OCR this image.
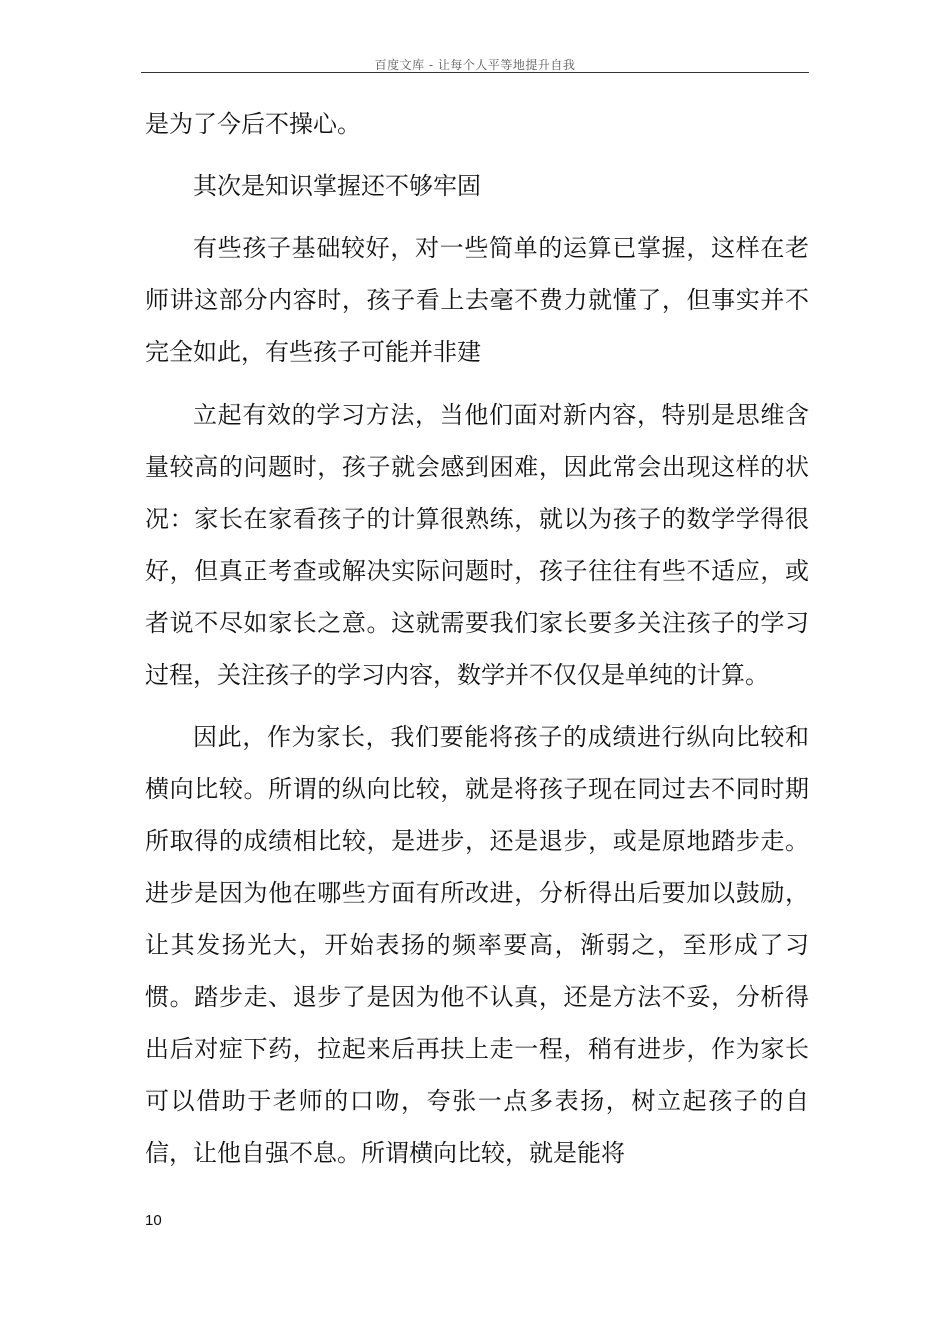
百度文库 - 让每个人平等地提升自我

是为了今后不操心。

其次是知识掌握还不够牢固

有些孩子基础较好，对一些简单的运算已掌握，这样在老师讲这部分内容时，孩子看上去毫不费力就懂了，但事实并不完全如此，有些孩子可能并非建

立起有效的学习方法，当他们面对新内容，特别是思维含量较高的问题时，孩子就会感到困难，因此常会出现这样的状况：家长在家看孩子的计算很熟练，就以为孩子的数学学得很好，但真正考查或解决实际问题时，孩子往往有些不适应，或者说不尽如家长之意。这就需要我们家长要多关注孩子的学习过程，关注孩子的学习内容，数学并不仅仅是单纯的计算。

因此，作为家长，我们要能将孩子的成绩进行纵向比较和横向比较。所谓的纵向比较，就是将孩子现在同过去不同时期所取得的成绩相比较，是进步，还是退步，或是原地踏步走。进步是因为他在哪些方面有所改进，分析得出后要加以鼓励，让其发扬光大，开始表扬的频率要高，渐弱之，至形成了习惯。踏步走、退步了是因为他不认真，还是方法不妥，分析得出后对症下药，拉起来后再扶上走一程，稍有进步，作为家长可以借助于老师的口吻，夸张一点多表扬，树立起孩子的自信，让他自强不息。所谓横向比较，就是能将

10
